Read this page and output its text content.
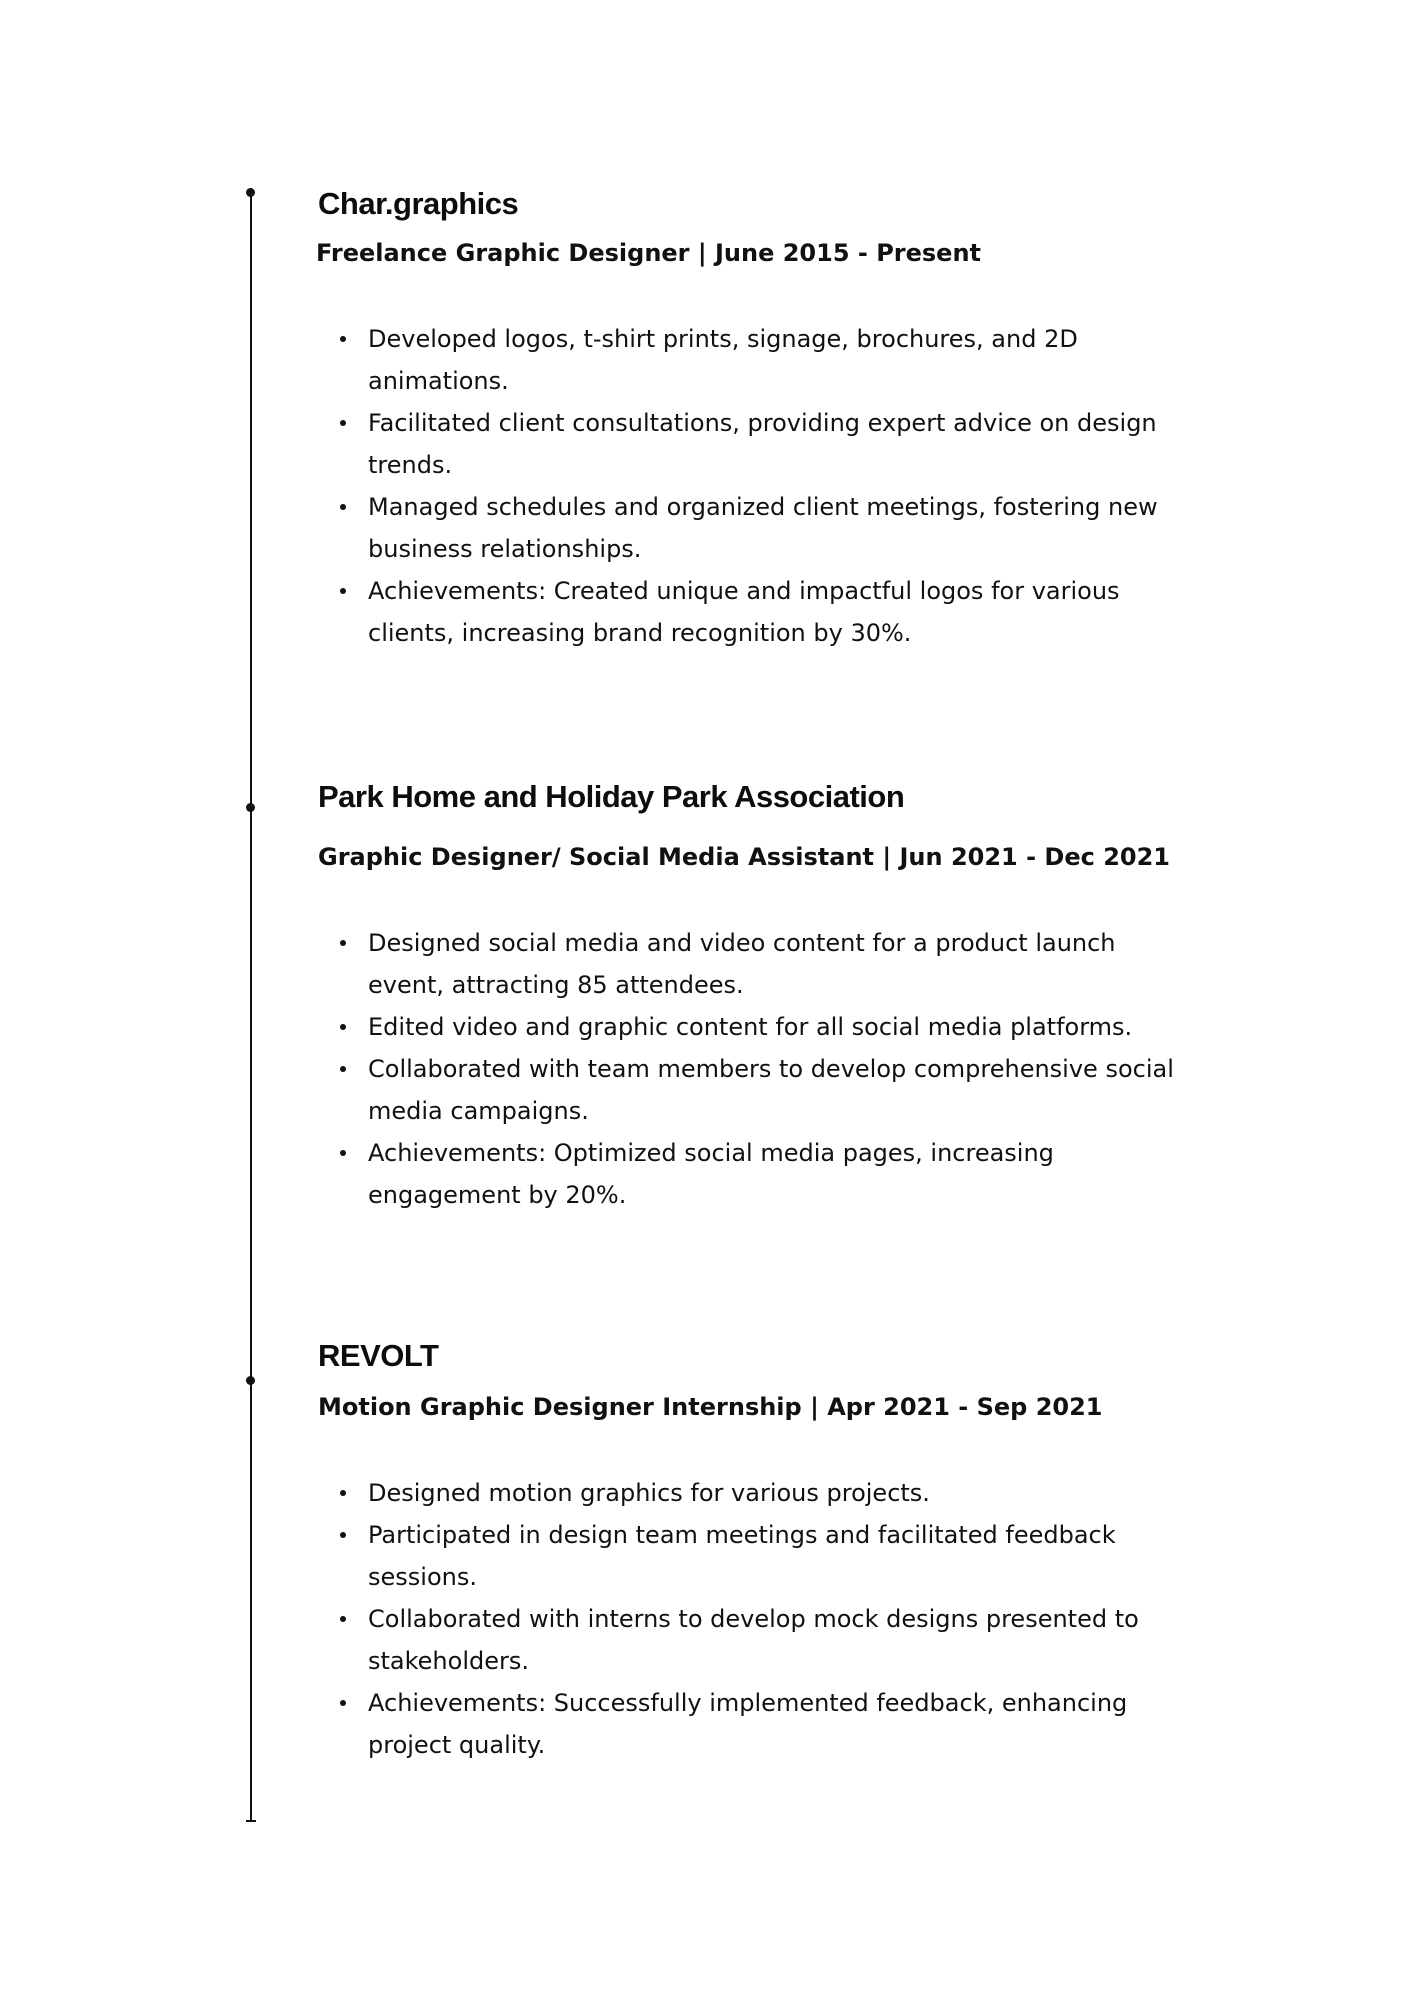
Char.graphics

Freelance Graphic Designer | June 2015 - Present

Developed logos, t-shirt prints, signage, brochures, and 2D animations.
Facilitated client consultations, providing expert advice on design trends.
Managed schedules and organized client meetings, fostering new business relationships.
Achievements: Created unique and impactful logos for various clients, increasing brand recognition by 30%.
Park Home and Holiday Park Association

Graphic Designer/ Social Media Assistant | Jun 2021 - Dec 2021

Designed social media and video content for a product launch event, attracting 85 attendees.
Edited video and graphic content for all social media platforms.
Collaborated with team members to develop comprehensive social media campaigns.
Achievements: Optimized social media pages, increasing engagement by 20%.
REVOLT

Motion Graphic Designer Internship | Apr 2021 - Sep 2021

Designed motion graphics for various projects.
Participated in design team meetings and facilitated feedback sessions.
Collaborated with interns to develop mock designs presented to stakeholders.
Achievements: Successfully implemented feedback, enhancing project quality.
